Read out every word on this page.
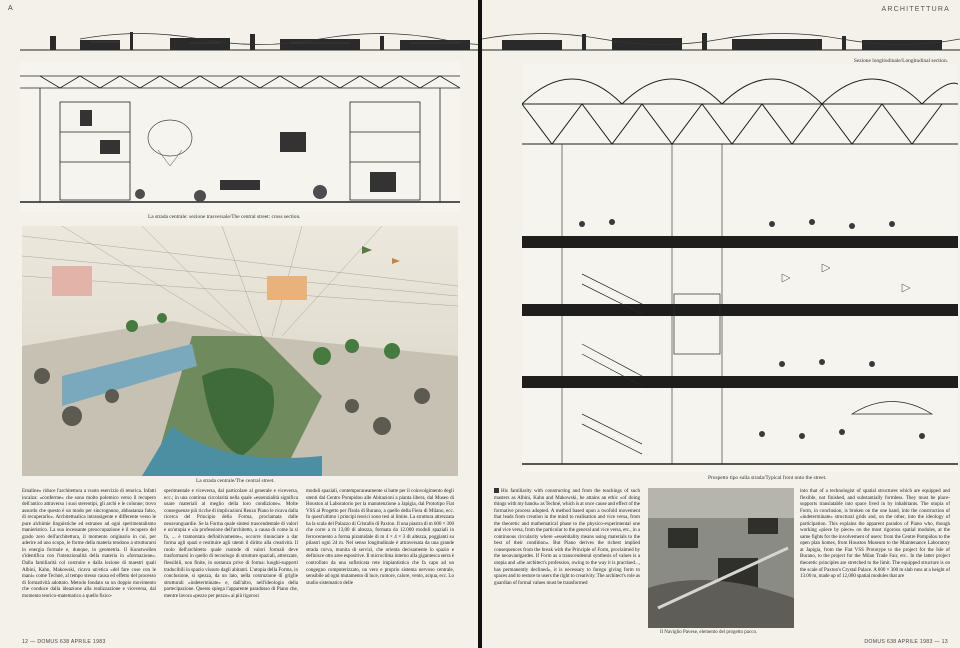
A
La strada centrale: sezione trasversale/The central street: cross section.
La strada centrale/The central street.
Emaline» riduce l'architettura a vuoto esercizio di retorica. Infatti incalza: «conferme» che sono molto polemico verso il recupero dell'antico attraverso i suoi stereotipi, gli archi e le colonne; trovo assurdo che questo è un modo per sincrognuno, abbastanza falso, di recuperarlo». Architettualica intransigente e differente verso le pure alchimie linguistiche ed estraneo ad ogni sperimentalismo manieristico. La sua incessante preoccupazione è il recupero del grado zero dell'architettura, il momento originario in cui, per aderire ad uno scopo, le forme della materia tendono a strutturarsi in energia formale e, dunque, in geometria. Il Kunstwollen s'identifica con l'intenzionalità della materia in «formazione». Dalla familiarità col costruire e dalla lezione di maestri quali Albini, Kahn, Makowski, ricava un'etica «del fare cose con le mani» come Techné, al tempo stesso causa ed effetto del processo di formatività adottato. Metodo fondato su un doppio movimento che conduce dalla ideazione alla realizzazione e viceversa, dal momento teorico-matematico a quello fisico-
sperimentale e viceversa, dal particolare al generale e viceversa, ecc.; in una continua circolarità nella quale «essenzialità significa usare materiali al meglio della loro condizione». Molte conseguenze più ricche di implicazioni Renzo Piano le ricava dalla ricerca del Principio della Forma, proclamata dalle neoavanguardie. Se la Forma quale sintesi trascendentale di valori e un'utopia e «la professione dell'architetto, a causa di come la si fa, ... è tramontata definitivamente», occorre rinunciare a dar forma agli spazi e restituire agli utenti il diritto alla creatività. Il ruolo dell'architetto quale custode di valori formali deve trasformarsi in quello di tecnologo di strutture spaziali, attrezzate, flessibili, non finite, in sostanza prive di forma: luoghi-supporti traducibili in spazio vissuto dagli abitanti. L'utopia della Forma, in conclusione, si spezza, da un lato, nella costruzione di griglie strutturali «indeterminate» e, dall'altro, nell'ideologia della partecipazione. Questo spiega l'apparente paradosso di Piano che, mentre lavora «pezzo per pezzo» ai più rigorosi
moduli spaziali, contemporaneamente si batte per il coinvolgimento degli utenti dal Centro Pompidou alle Abitazioni a pianta libera, dal Museo di Houston al Laboratorio per la manutenzione a Japigia, dal Prototipo Fiat VSS al Progetto per l'Isola di Burano, a quello della Fiera di Milano, ecc. In quest'ultimo i principi teorici sono tesi al limite. La struttura attrezzata ha la scala del Palazzo di Cristallo di Paxton. Il una piastra di m 600 × 300 che corre a m 13,00 di altezza, formata da 12.000 moduli spaziali in ferrocemento a forma piramidale di m 4 × 4 × 3 di altezza, poggianti su pilastri ogni 24 m. Nel senso longitudinale è attraversata da una grande strada curva, munita di servizi, che orienta decisamente lo spazio e definisce otto aree espositive. Il microclima interno alla gigantesca serra è controllato da una sofisticata rete impiantistica che fa capo ad un congegno computerizzato, un vero e proprio sistema nervoso centrale, sensibile ad ogni mutamento di luce, rumore, calore, vento, acqua, ecc. Lo studio sistematico delle
12 — DOMUS 638 APRILE 1983
ARCHITETTURA
Sezione longitudinale/Longitudinal section.
Prospetto tipo sulla strada/Typical front onto the street.
His familiarity with constructing and from the teachings of such masters as Albini, Kahn and Makowski, he attains an ethic «of doing things with my hands» as Techné, which is at once cause and effect of the formative process adopted. A method based upon a twofold movement that leads from creation in the mind to realisation and vice versa, from the theoretic and mathematical phase to the physico-experimental one and vice versa, from the particular to the general and vice versa, etc., in a continuous circularity where «essentiality means using materials to the best of their condition». But Piano derives the richest implied consequences from the break with the Principle of Form, proclaimed by the neoavantgardes. If Form as a transcendental synthesis of values is a utopia and «the architect's profession, owing to the way it is practised..., has permanently declined», it is necessary to forego giving form to spaces and to restore to users the right to creativity. The architect's role as guardian of formal values must be transformed
Il Naviglio Pavese, elemento del progetto pacco.
into that of a technologist of spatial structures which are equipped and flexible, not finished, and substantially formless. They must be place-supports translatable into space lived in by inhabitants. The utopia of Form, in conclusion, is broken on the one hand, into the construction of «indeterminate» structural grids and, on the other, into the ideology of participation. This explains the apparent paradox of Piano who, though working «piece by piece» on the most rigorous spatial modules, at the same fights for the involvement of users: from the Centre Pompidou to the open plan homes, from Houston Museum to the Maintenance Laboratory at Japigia, from the Fiat VSS Prototype to the project for the Isle of Burano, to the project for the Milan Trade Fair, etc.. In the latter project theoretic principles are stretched to the limit. The equipped structure is on the scale of Paxton's Crystal Palace. A 600 × 300 m slab runs at a height of 13.00 m, made up of 12,000 spatial modules that are
DOMUS 638 APRILE 1983 — 13
